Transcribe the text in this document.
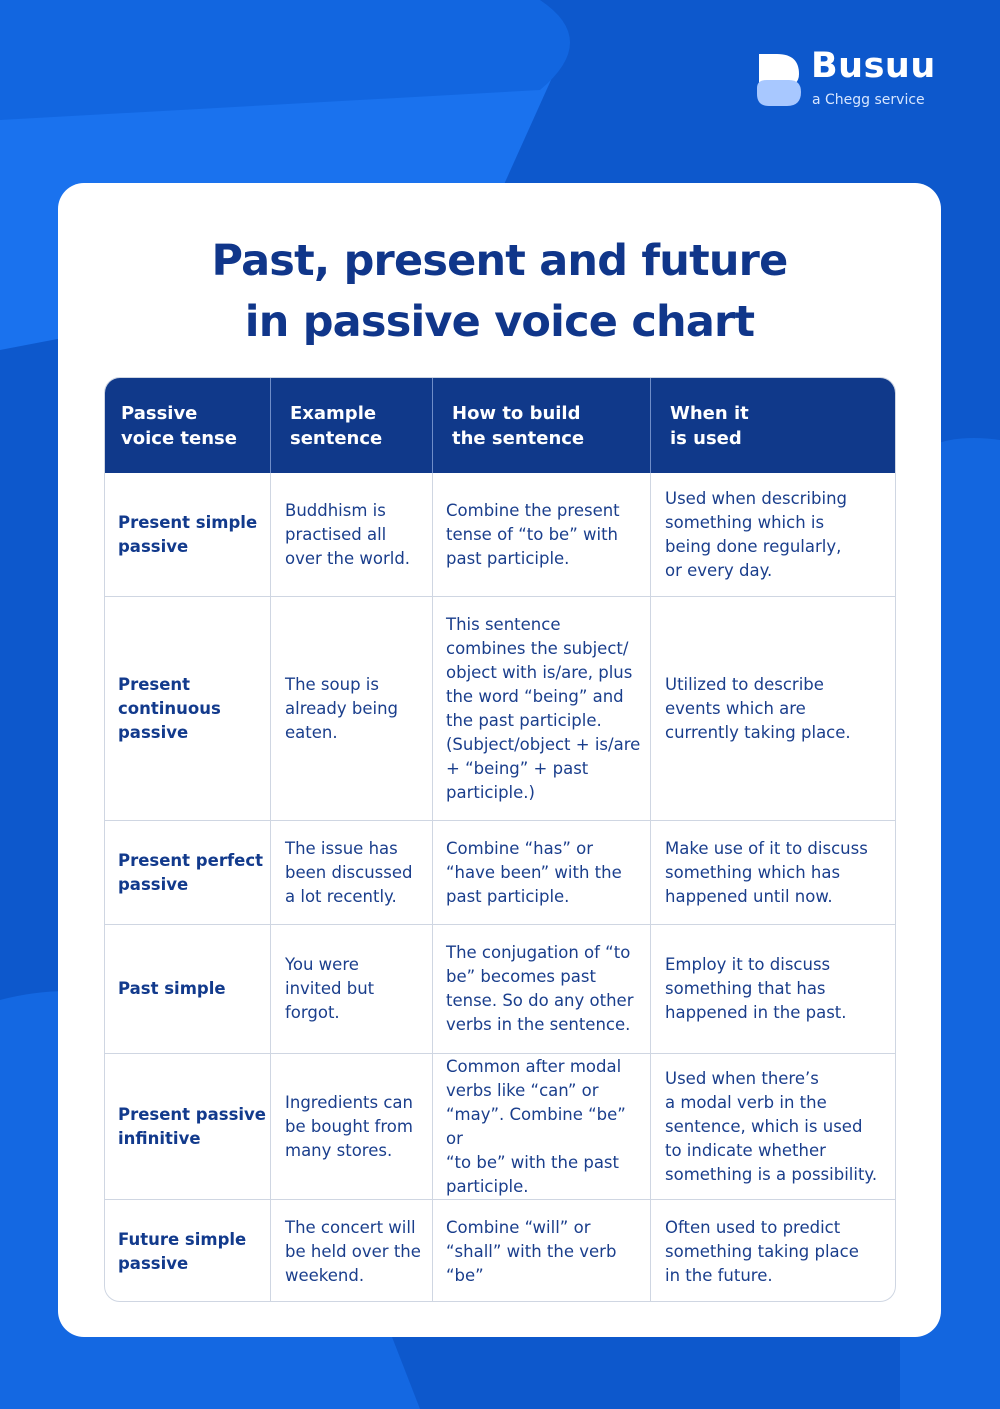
Busuu
a Chegg service
Past, present and future
in passive voice chart
Passive
voice tense
Example
sentence
How to build
the sentence
When it
is used
Present simple
passive
Buddhism is
practised all
over the world.
Combine the present
tense of “to be” with
past participle.
Used when describing
something which is
being done regularly,
or every day.
Present
continuous
passive
The soup is
already being
eaten.
This sentence
combines the subject/
object with is/are, plus
the word “being” and
the past participle.
(Subject/object + is/are
+ “being” + past
participle.)
Utilized to describe
events which are
currently taking place.
Present perfect
passive
The issue has
been discussed
a lot recently.
Combine “has” or
“have been” with the
past participle.
Make use of it to discuss
something which has
happened until now.
Past simple
You were
invited but
forgot.
The conjugation of “to
be” becomes past
tense. So do any other
verbs in the sentence.
Employ it to discuss
something that has
happened in the past.
Present passive
infinitive
Ingredients can
be bought from
many stores.
Common after modal
verbs like “can” or
“may”. Combine “be” or
“to be” with the past
participle.
Used when there’s
a modal verb in the
sentence, which is used
to indicate whether
something is a possibility.
Future simple
passive
The concert will
be held over the
weekend.
Combine “will” or
“shall” with the verb
“be”
Often used to predict
something taking place
in the future.
